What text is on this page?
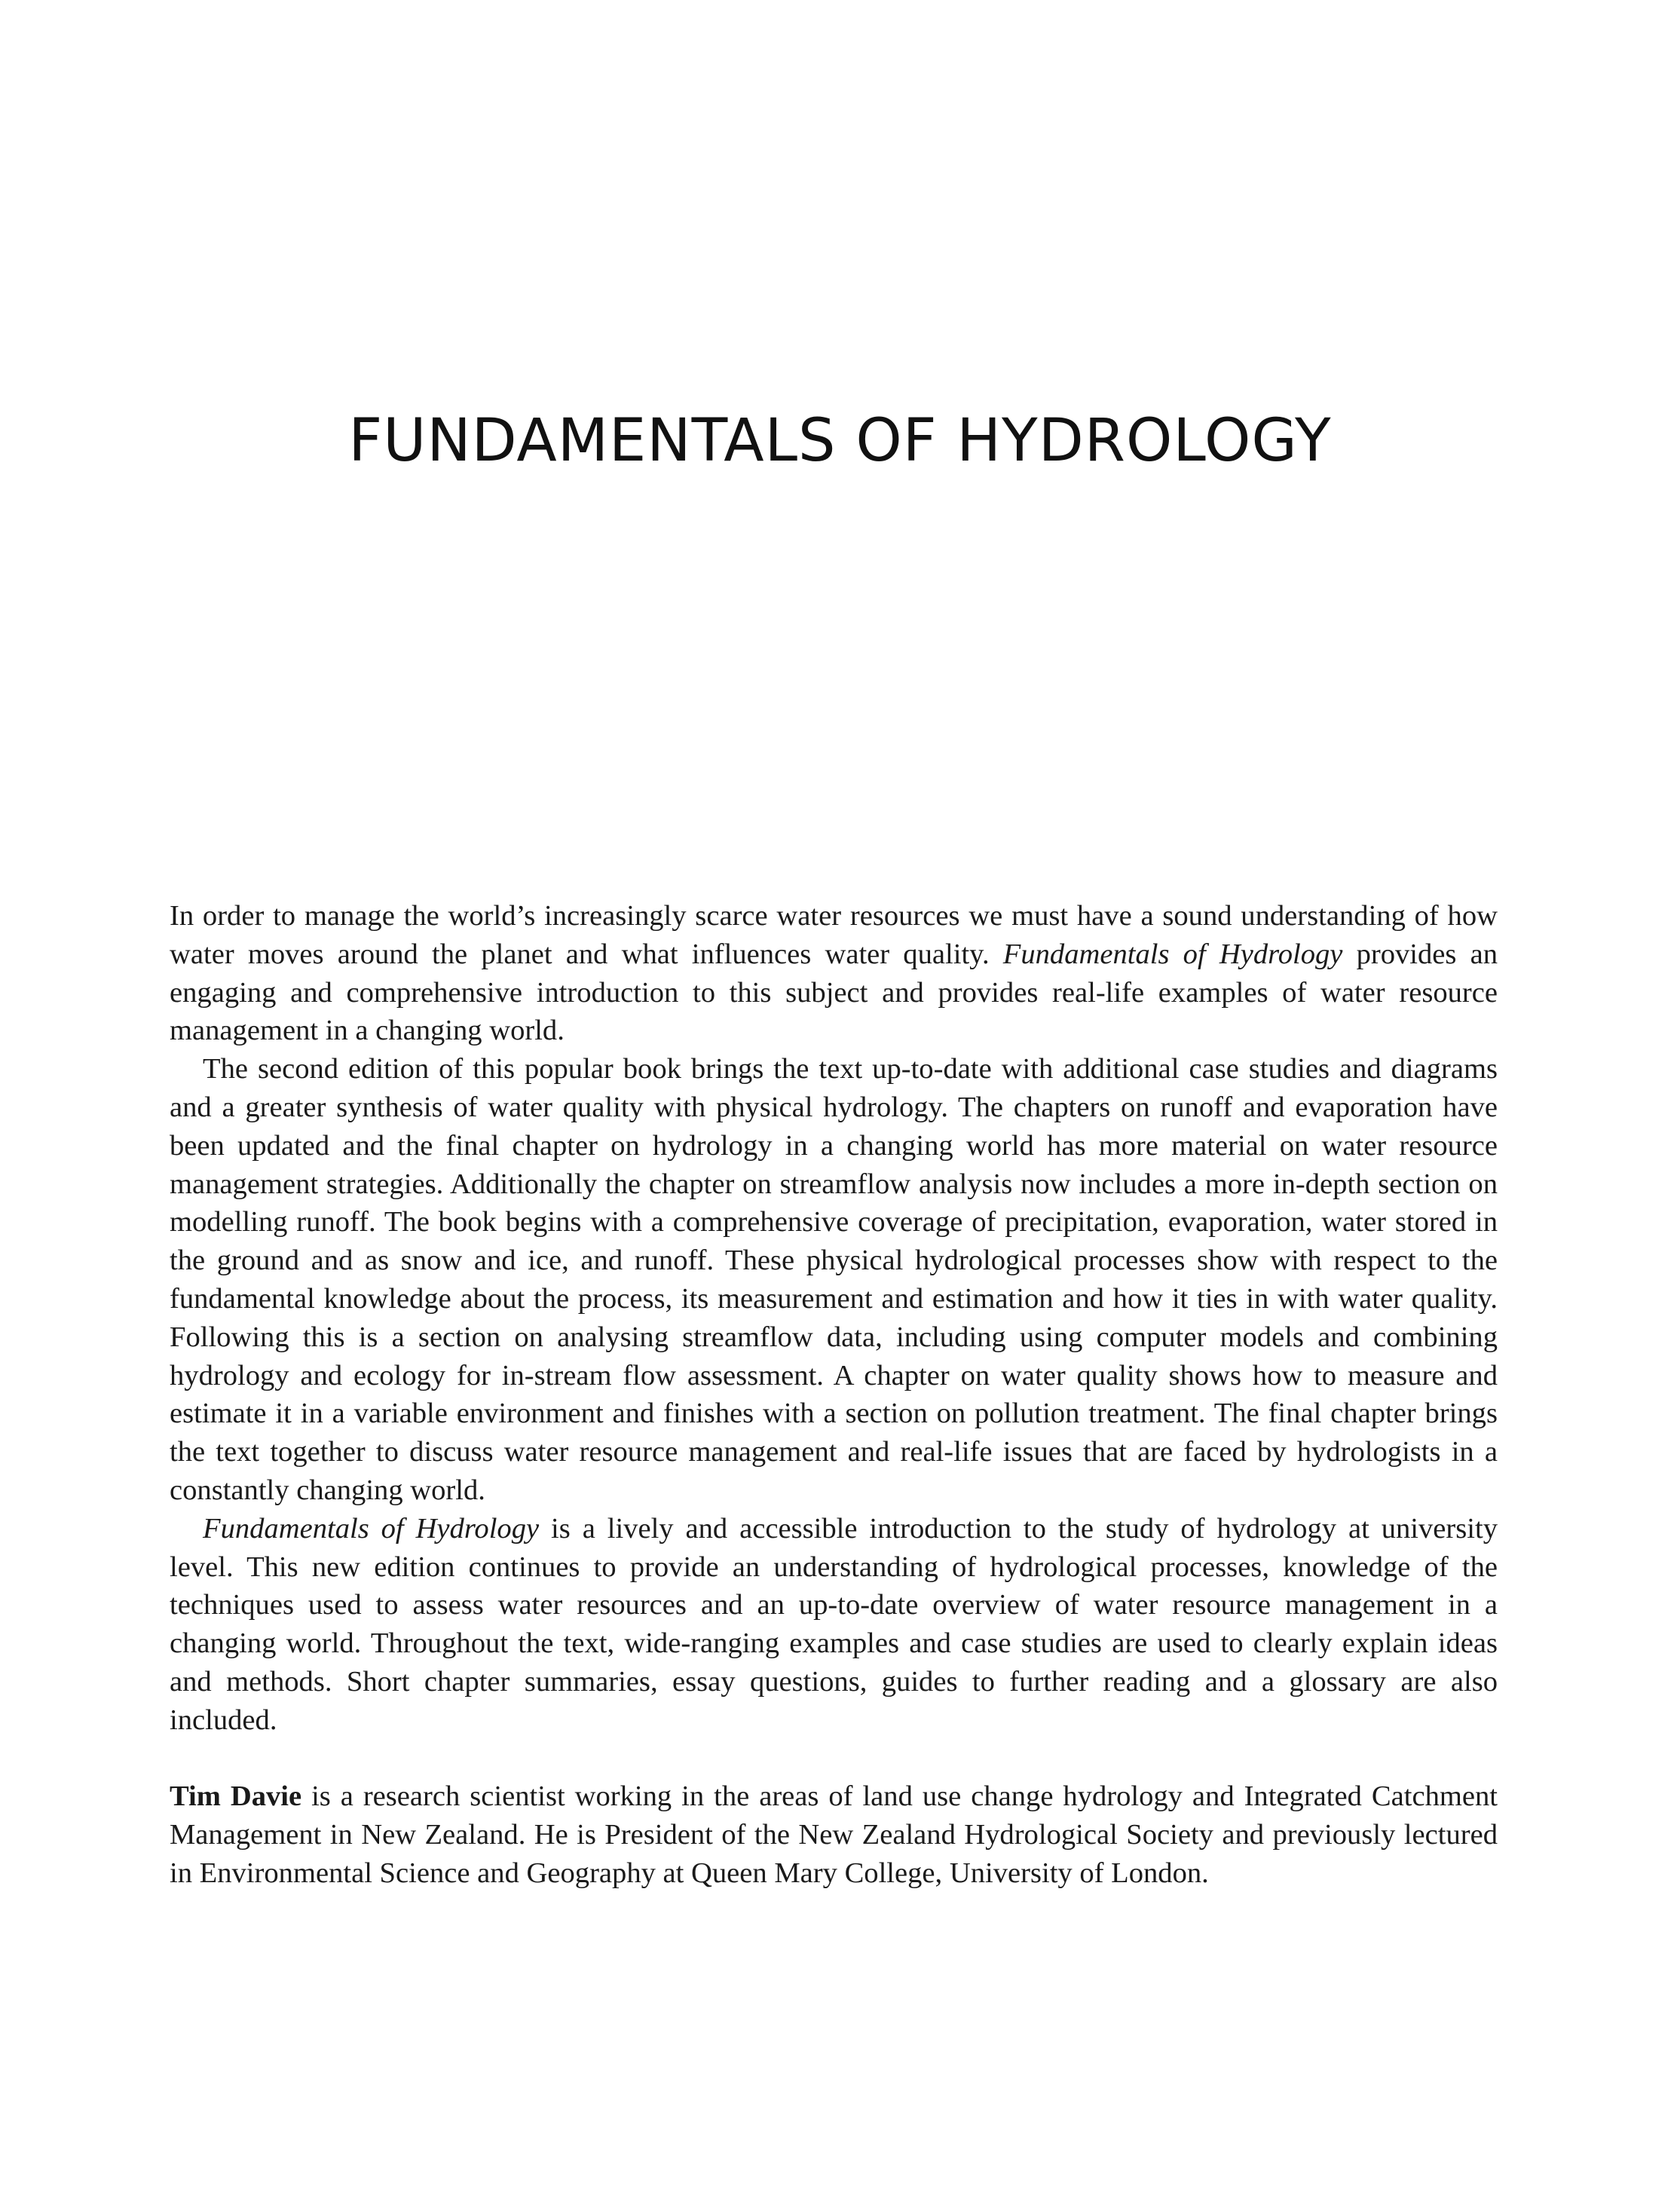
FUNDAMENTALS OF HYDROLOGY

In order to manage the world’s increasingly scarce water resources we must have a sound understanding of how water moves around the planet and what influences water quality. Fundamentals of Hydrology provides an engaging and comprehensive introduction to this subject and provides real-life examples of water resource management in a changing world.

The second edition of this popular book brings the text up-to-date with additional case studies and diagrams and a greater synthesis of water quality with physical hydrology. The chapters on runoff and evaporation have been updated and the final chapter on hydrology in a changing world has more material on water resource management strategies. Additionally the chapter on streamflow analysis now includes a more in-depth section on modelling runoff. The book begins with a comprehensive coverage of precipitation, evaporation, water stored in the ground and as snow and ice, and runoff. These physical hydrological processes show with respect to the fundamental knowledge about the process, its measurement and estimation and how it ties in with water quality. Following this is a section on analysing streamflow data, including using computer models and combining hydrology and ecology for in-stream flow assessment. A chapter on water quality shows how to measure and estimate it in a variable environment and finishes with a section on pollution treatment. The final chapter brings the text together to discuss water resource management and real-life issues that are faced by hydrologists in a constantly changing world.

Fundamentals of Hydrology is a lively and accessible introduction to the study of hydrology at university level. This new edition continues to provide an understanding of hydrological processes, knowledge of the techniques used to assess water resources and an up-to-date overview of water resource management in a changing world. Throughout the text, wide-ranging examples and case studies are used to clearly explain ideas and methods. Short chapter summaries, essay questions, guides to further reading and a glossary are also included.

Tim Davie is a research scientist working in the areas of land use change hydrology and Integrated Catchment Management in New Zealand. He is President of the New Zealand Hydrological Society and previously lectured in Environmental Science and Geography at Queen Mary College, University of London.
